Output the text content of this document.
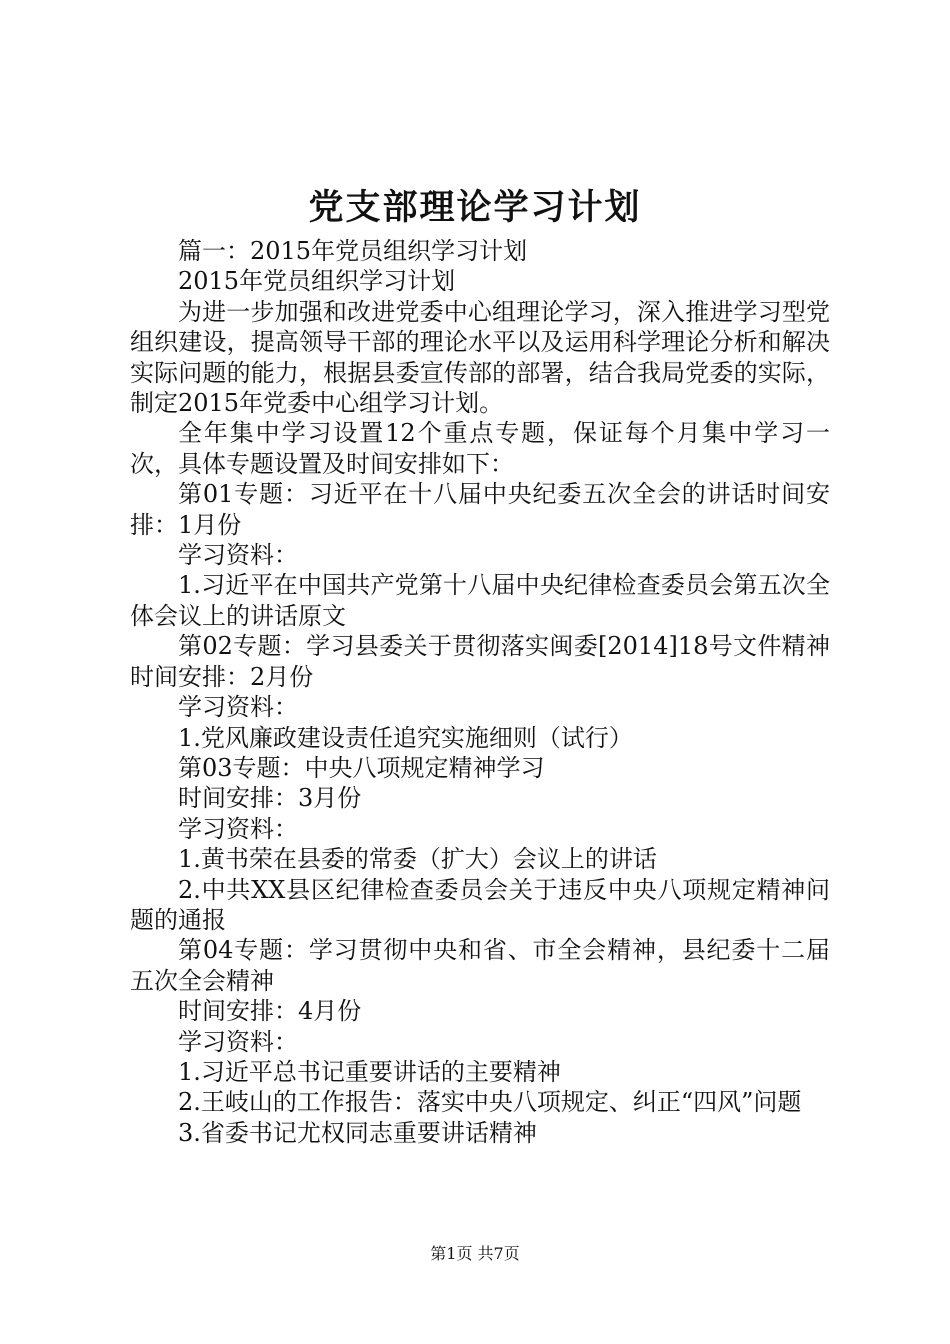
党支部理论学习计划

篇一：2015年党员组织学习计划

2015年党员组织学习计划

为进一步加强和改进党委中心组理论学习，深入推进学习型党组织建设，提高领导干部的理论水平以及运用科学理论分析和解决实际问题的能力，根据县委宣传部的部署，结合我局党委的实际，制定2015年党委中心组学习计划。

全年集中学习设置12个重点专题，保证每个月集中学习一次，具体专题设置及时间安排如下：

第01专题：习近平在十八届中央纪委五次全会的讲话时间安排：1月份

学习资料：

1.习近平在中国共产党第十八届中央纪律检查委员会第五次全体会议上的讲话原文

第02专题：学习县委关于贯彻落实闽委[2014]18号文件精神时间安排：2月份

学习资料：

1.党风廉政建设责任追究实施细则（试行）

第03专题：中央八项规定精神学习

时间安排：3月份

学习资料：

1.黄书荣在县委的常委（扩大）会议上的讲话

2.中共XX县区纪律检查委员会关于违反中央八项规定精神问题的通报

第04专题：学习贯彻中央和省、市全会精神，县纪委十二届五次全会精神

时间安排：4月份

学习资料：

1.习近平总书记重要讲话的主要精神

2.王岐山的工作报告：落实中央八项规定、纠正“四风”问题

3.省委书记尤权同志重要讲话精神

第1页 共7页
